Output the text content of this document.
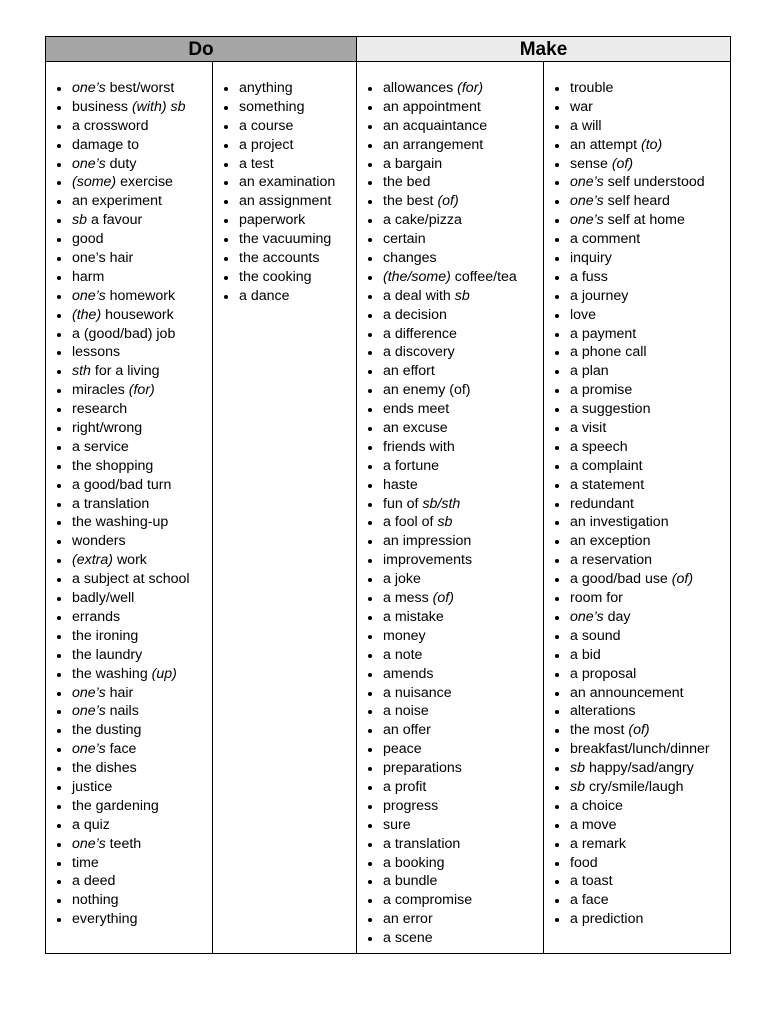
Do	Make
one’s best/worst
business (with) sb
a crossword
damage to
one’s duty
(some) exercise
an experiment
sb a favour
good
one’s hair
harm
one’s homework
(the) housework
a (good/bad) job
lessons
sth for a living
miracles (for)
research
right/wrong
a service
the shopping
a good/bad turn
a translation
the washing-up
wonders
(extra) work
a subject at school
badly/well
errands
the ironing
the laundry
the washing (up)
one’s hair
one’s nails
the dusting
one’s face
the dishes
justice
the gardening
a quiz
one’s teeth
time
a deed
nothing
everything
anything
something
a course
a project
a test
an examination
an assignment
paperwork
the vacuuming
the accounts
the cooking
a dance
allowances (for)
an appointment
an acquaintance
an arrangement
a bargain
the bed
the best (of)
a cake/pizza
certain
changes
(the/some) coffee/tea
a deal with sb
a decision
a difference
a discovery
an effort
an enemy (of)
ends meet
an excuse
friends with
a fortune
haste
fun of sb/sth
a fool of sb
an impression
improvements
a joke
a mess (of)
a mistake
money
a note
amends
a nuisance
a noise
an offer
peace
preparations
a profit
progress
sure
a translation
a booking
a bundle
a compromise
an error
a scene
trouble
war
a will
an attempt (to)
sense (of)
one’s self understood
one’s self heard
one’s self at home
a comment
inquiry
a fuss
a journey
love
a payment
a phone call
a plan
a promise
a suggestion
a visit
a speech
a complaint
a statement
redundant
an investigation
an exception
a reservation
a good/bad use (of)
room for
one’s day
a sound
a bid
a proposal
an announcement
alterations
the most (of)
breakfast/lunch/dinner
sb happy/sad/angry
sb cry/smile/laugh
a choice
a move
a remark
food
a toast
a face
a prediction
